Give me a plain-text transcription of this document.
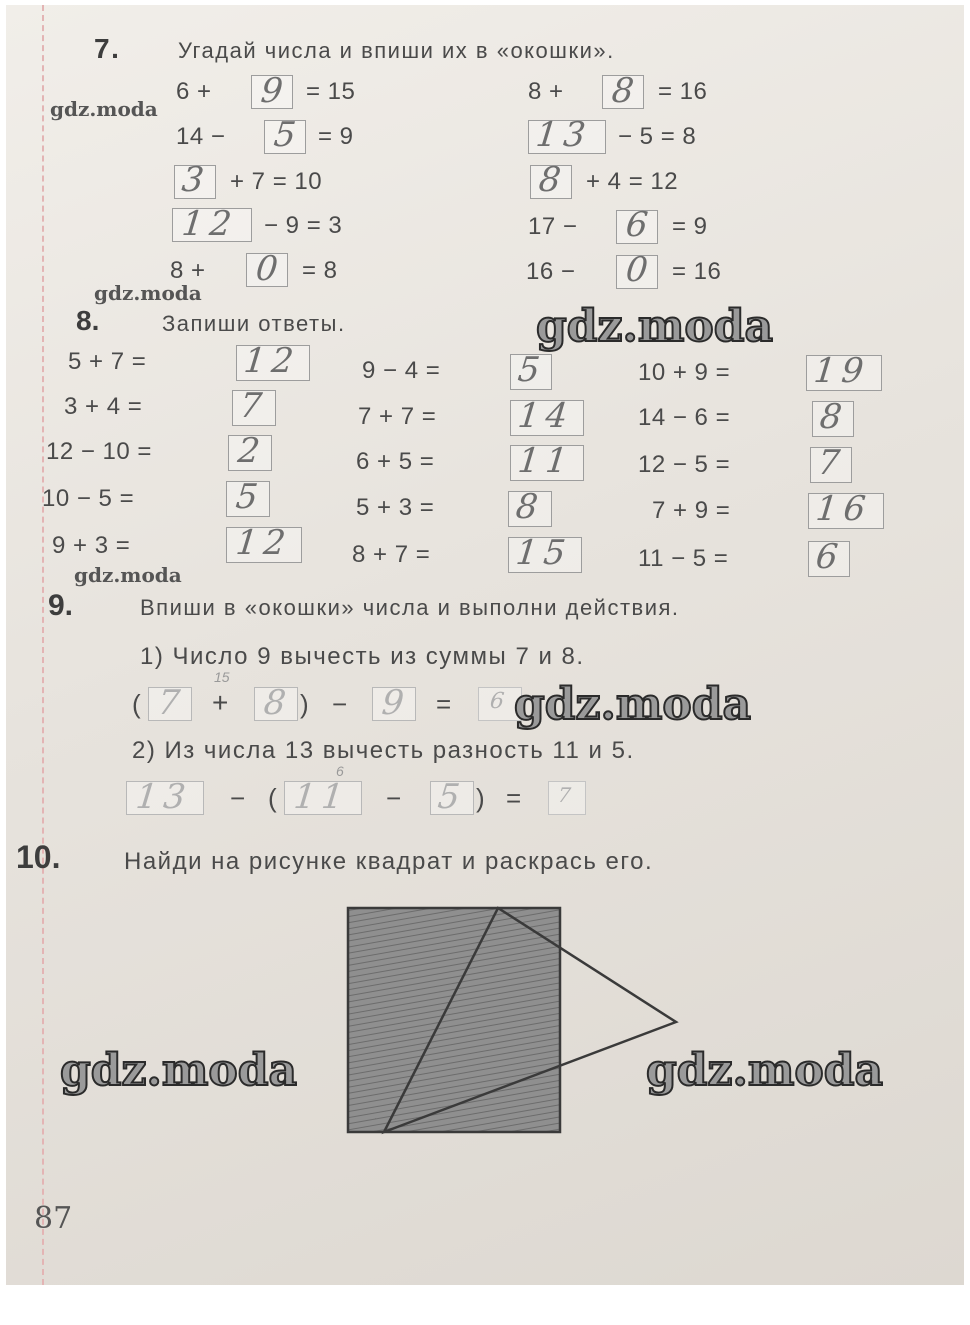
7.	Угадай числа и впиши их в «окошки».
6 + 9 = 15
14 − 5 = 9
3 + 7 = 10
12 − 9 = 3
8 + 0 = 8
8 + 8 = 16
13 − 5 = 8
8 + 4 = 12
17 − 6 = 9
16 − 0 = 16
8.	Запиши ответы.
5 + 7 =	12
3 + 4 =	7
12 − 10 = 2
10 − 5 =	5
9 + 3 =	12
9 − 4 = 5
7 + 7 = 14
6 + 5 = 11
5 + 3 = 8
8 + 7 = 15
10 + 9 = 19
14 − 6 =	8
12 − 5 =	7
7 + 9 = 16
11 − 5 =	6
9.	Впиши в «окошки» числа и выполни действия.
1) Число 9 вычесть из суммы 7 и 8.
( 7 +
15
8 ) − 9 = 6
2) Из числа 13 вычесть разность 11 и 5.
13 − ( 11
6
− 5 ) = 7
10.	Найди на рисунке квадрат и раскрась его.
87
gdz.moda
gdz.moda
gdz.moda
gdz.moda
gdz.moda
gdz.moda	gdz.moda
